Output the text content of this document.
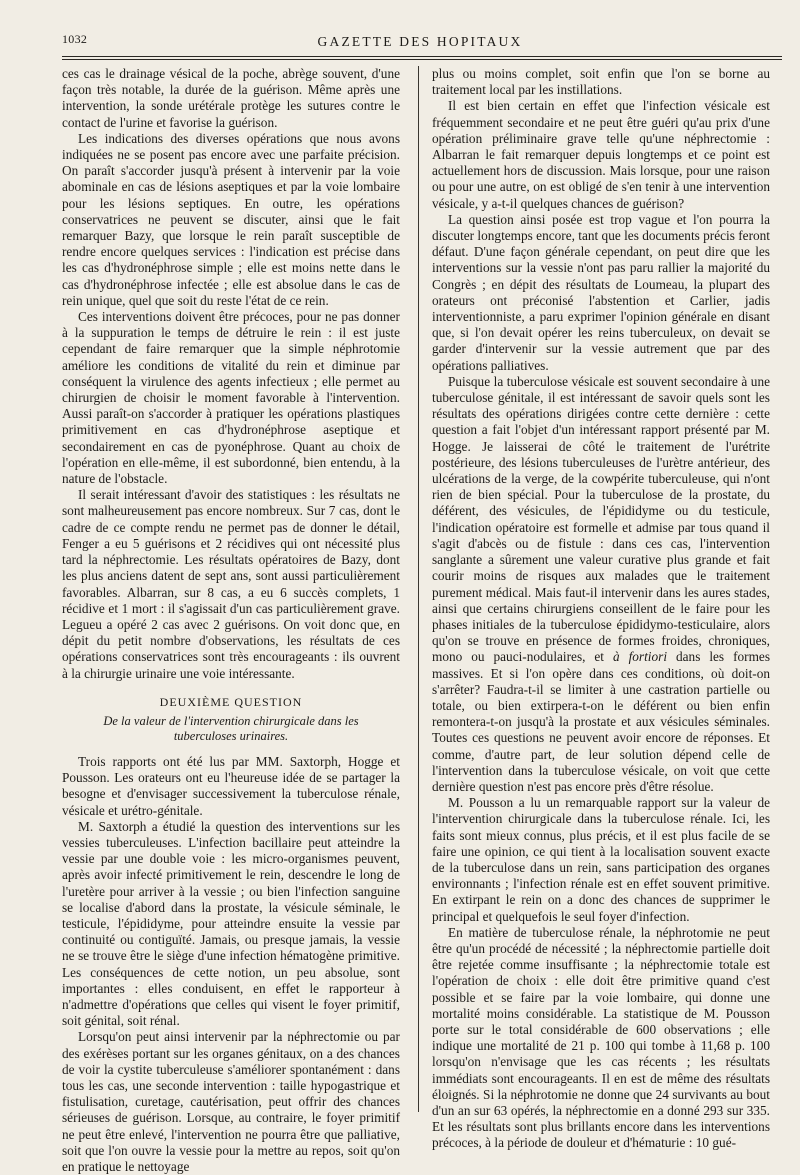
1032	GAZETTE DES HOPITAUX

ces cas le drainage vésical de la poche, abrège souvent, d'une façon très notable, la durée de la guérison. Même après une intervention, la sonde urétérale protège les sutures contre le contact de l'urine et favorise la guérison.

Les indications des diverses opérations que nous avons indiquées ne se posent pas encore avec une parfaite précision. On paraît s'accorder jusqu'à présent à intervenir par la voie abominale en cas de lésions aseptiques et par la voie lombaire pour les lésions septiques. En outre, les opérations conservatrices ne peuvent se discuter, ainsi que le fait remarquer Bazy, que lorsque le rein paraît susceptible de rendre encore quelques services : l'indication est précise dans les cas d'hydronéphrose simple ; elle est moins nette dans le cas d'hydronéphrose infectée ; elle est absolue dans le cas de rein unique, quel que soit du reste l'état de ce rein.

Ces interventions doivent être précoces, pour ne pas donner à la suppuration le temps de détruire le rein : il est juste cependant de faire remarquer que la simple néphrotomie améliore les conditions de vitalité du rein et diminue par conséquent la virulence des agents infectieux ; elle permet au chirurgien de choisir le moment favorable à l'intervention. Aussi paraît-on s'accorder à pratiquer les opérations plastiques primitivement en cas d'hydronéphrose aseptique et secondairement en cas de pyonéphrose. Quant au choix de l'opération en elle-même, il est subordonné, bien entendu, à la nature de l'obstacle.

Il serait intéressant d'avoir des statistiques : les résultats ne sont malheureusement pas encore nombreux. Sur 7 cas, dont le cadre de ce compte rendu ne permet pas de donner le détail, Fenger a eu 5 guérisons et 2 récidives qui ont nécessité plus tard la néphrectomie. Les résultats opératoires de Bazy, dont les plus anciens datent de sept ans, sont aussi particulièrement favorables. Albarran, sur 8 cas, a eu 6 succès complets, 1 récidive et 1 mort : il s'agissait d'un cas particulièrement grave. Legueu a opéré 2 cas avec 2 guérisons. On voit donc que, en dépit du petit nombre d'observations, les résultats de ces opérations conservatrices sont très encourageants : ils ouvrent à la chirurgie urinaire une voie intéressante.

DEUXIÈME QUESTION
De la valeur de l'intervention chirurgicale dans les tuberculoses urinaires.

Trois rapports ont été lus par MM. Saxtorph, Hogge et Pousson. Les orateurs ont eu l'heureuse idée de se partager la besogne et d'envisager successivement la tuberculose rénale, vésicale et urétro-génitale.

M. Saxtorph a étudié la question des interventions sur les vessies tuberculeuses. L'infection bacillaire peut atteindre la vessie par une double voie : les micro-organismes peuvent, après avoir infecté primitivement le rein, descendre le long de l'uretère pour arriver à la vessie ; ou bien l'infection sanguine se localise d'abord dans la prostate, la vésicule séminale, le testicule, l'épididyme, pour atteindre ensuite la vessie par continuité ou contiguïté. Jamais, ou presque jamais, la vessie ne se trouve être le siège d'une infection hématogène primitive. Les conséquences de cette notion, un peu absolue, sont importantes : elles conduisent, en effet le rapporteur à n'admettre d'opérations que celles qui visent le foyer primitif, soit génital, soit rénal.

Lorsqu'on peut ainsi intervenir par la néphrectomie ou par des exérèses portant sur les organes génitaux, on a des chances de voir la cystite tuberculeuse s'améliorer spontanément : dans tous les cas, une seconde intervention : taille hypogastrique et fistulisation, curetage, cautérisation, peut offrir des chances sérieuses de guérison. Lorsque, au contraire, le foyer primitif ne peut être enlevé, l'intervention ne pourra être que palliative, soit que l'on ouvre la vessie pour la mettre au repos, soit qu'on en pratique le nettoyage

plus ou moins complet, soit enfin que l'on se borne au traitement local par les instillations.

Il est bien certain en effet que l'infection vésicale est fréquemment secondaire et ne peut être guéri qu'au prix d'une opération préliminaire grave telle qu'une néphrectomie : Albarran le fait remarquer depuis longtemps et ce point est actuellement hors de discussion. Mais lorsque, pour une raison ou pour une autre, on est obligé de s'en tenir à une intervention vésicale, y a-t-il quelques chances de guérison?

La question ainsi posée est trop vague et l'on pourra la discuter longtemps encore, tant que les documents précis feront défaut. D'une façon générale cependant, on peut dire que les interventions sur la vessie n'ont pas paru rallier la majorité du Congrès ; en dépit des résultats de Loumeau, la plupart des orateurs ont préconisé l'abstention et Carlier, jadis interventionniste, a paru exprimer l'opinion générale en disant que, si l'on devait opérer les reins tuberculeux, on devait se garder d'intervenir sur la vessie autrement que par des opérations palliatives.

Puisque la tuberculose vésicale est souvent secondaire à une tuberculose génitale, il est intéressant de savoir quels sont les résultats des opérations dirigées contre cette dernière : cette question a fait l'objet d'un intéressant rapport présenté par M. Hogge. Je laisserai de côté le traitement de l'urétrite postérieure, des lésions tuberculeuses de l'urètre antérieur, des ulcérations de la verge, de la cowpérite tuberculeuse, qui n'ont rien de bien spécial. Pour la tuberculose de la prostate, du déférent, des vésicules, de l'épididyme ou du testicule, l'indication opératoire est formelle et admise par tous quand il s'agit d'abcès ou de fistule : dans ces cas, l'intervention sanglante a sûrement une valeur curative plus grande et fait courir moins de risques aux malades que le traitement purement médical. Mais faut-il intervenir dans les aures stades, ainsi que certains chirurgiens conseillent de le faire pour les phases initiales de la tuberculose épididymo-testiculaire, alors qu'on se trouve en présence de formes froides, chroniques, mono ou pauci-nodulaires, et à fortiori dans les formes massives. Et si l'on opère dans ces conditions, où doit-on s'arrêter? Faudra-t-il se limiter à une castration partielle ou totale, ou bien extirpera-t-on le déférent ou bien enfin remontera-t-on jusqu'à la prostate et aux vésicules séminales. Toutes ces questions ne peuvent avoir encore de réponses. Et comme, d'autre part, de leur solution dépend celle de l'intervention dans la tuberculose vésicale, on voit que cette dernière question n'est pas encore près d'être résolue.

M. Pousson a lu un remarquable rapport sur la valeur de l'intervention chirurgicale dans la tuberculose rénale. Ici, les faits sont mieux connus, plus précis, et il est plus facile de se faire une opinion, ce qui tient à la localisation souvent exacte de la tuberculose dans un rein, sans participation des organes environnants ; l'infection rénale est en effet souvent primitive. En extirpant le rein on a donc des chances de supprimer le principal et quelquefois le seul foyer d'infection.

En matière de tuberculose rénale, la néphrotomie ne peut être qu'un procédé de nécessité ; la néphrectomie partielle doit être rejetée comme insuffisante ; la néphrectomie totale est l'opération de choix : elle doit être primitive quand c'est possible et se faire par la voie lombaire, qui donne une mortalité moins considérable. La statistique de M. Pousson porte sur le total considérable de 600 observations ; elle indique une mortalité de 21 p. 100 qui tombe à 11,68 p. 100 lorsqu'on n'envisage que les cas récents ; les résultats immédiats sont encourageants. Il en est de même des résultats éloignés. Si la néphrotomie ne donne que 24 survivants au bout d'un an sur 63 opérés, la néphrectomie en a donné 293 sur 335. Et les résultats sont plus brillants encore dans les interventions précoces, à la période de douleur et d'hématurie : 10 gué-
